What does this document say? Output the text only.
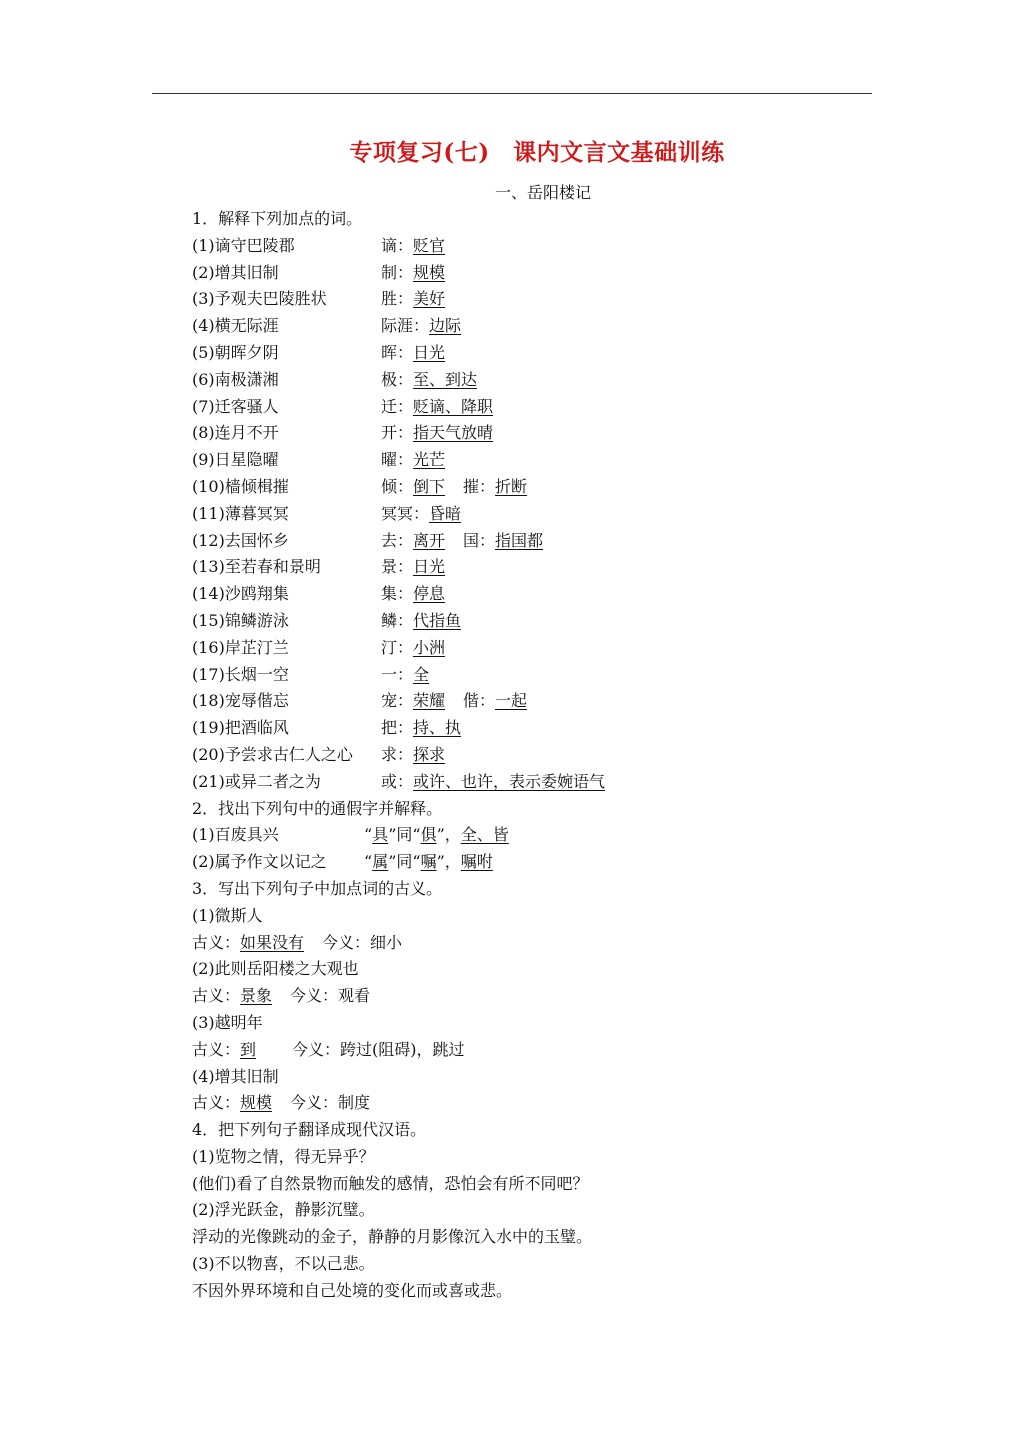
专项复习(七)　课内文言文基础训练
一、岳阳楼记
1．解释下列加点的词。
(1)谪守巴陵郡	谪：贬官
(2)增其旧制	制：规模
(3)予观夫巴陵胜状	胜：美好
(4)横无际涯	际涯：边际
(5)朝晖夕阴	晖：日光
(6)南极潇湘	极：至、到达
(7)迁客骚人	迁：贬谪、降职
(8)连月不开	开：指天气放晴
(9)日星隐曜	曜：光芒
(10)樯倾楫摧	倾：倒下 摧：折断
(11)薄暮冥冥	冥冥：昏暗
(12)去国怀乡	去：离开 国：指国都
(13)至若春和景明	景：日光
(14)沙鸥翔集	集：停息
(15)锦鳞游泳	鳞：代指鱼
(16)岸芷汀兰	汀：小洲
(17)长烟一空	一：全
(18)宠辱偕忘	宠：荣耀 偕：一起
(19)把酒临风	把：持、执
(20)予尝求古仁人之心 求：探求
(21)或异二者之为	或：或许、也许，表示委婉语气
2．找出下列句中的通假字并解释。
(1)百废具兴	“具”同“俱”，全、皆
(2)属予作文以记之 “属”同“嘱”，嘱咐
3．写出下列句子中加点词的古义。
(1)微斯人
古义：如果没有 今义：细小
(2)此则岳阳楼之大观也
古义：景象 今义：观看
(3)越明年
古义：到 今义：跨过(阻碍)，跳过
(4)增其旧制
古义：规模 今义：制度
4．把下列句子翻译成现代汉语。
(1)览物之情，得无异乎？
(他们)看了自然景物而触发的感情，恐怕会有所不同吧？
(2)浮光跃金，静影沉璧。
浮动的光像跳动的金子，静静的月影像沉入水中的玉璧。
(3)不以物喜，不以己悲。
不因外界环境和自己处境的变化而或喜或悲。
